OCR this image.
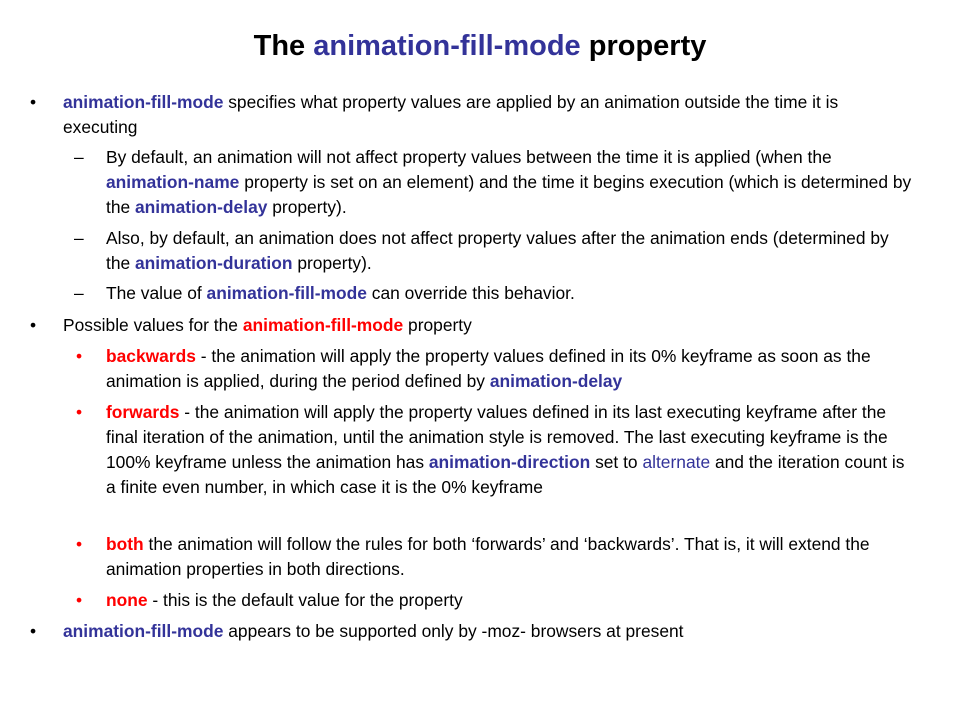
The animation-fill-mode property
•	animation-fill-mode specifies what property values are applied by an animation outside the time it is executing
–	By default, an animation will not affect property values between the time it is applied (when the animation-name property is set on an element) and the time it begins execution (which is determined by the animation-delay property).
–	Also, by default, an animation does not affect property values after the animation ends (determined by the animation-duration property).
–	The value of animation-fill-mode can override this behavior.
•	Possible values for the animation-fill-mode property
•	backwards - the animation will apply the property values defined in its 0% keyframe as soon as the animation is applied, during the period defined by animation-delay
•	forwards - the animation will apply the property values defined in its last executing keyframe after the final iteration of the animation, until the animation style is removed. The last executing keyframe is the 100% keyframe unless the animation has animation-direction set to alternate and the iteration count is a finite even number, in which case it is the 0% keyframe
•	both the animation will follow the rules for both ‘forwards’ and ‘backwards’. That is, it will extend the animation properties in both directions.
•	none - this is the default value for the property
•	animation-fill-mode appears to be supported only by -moz- browsers at present
